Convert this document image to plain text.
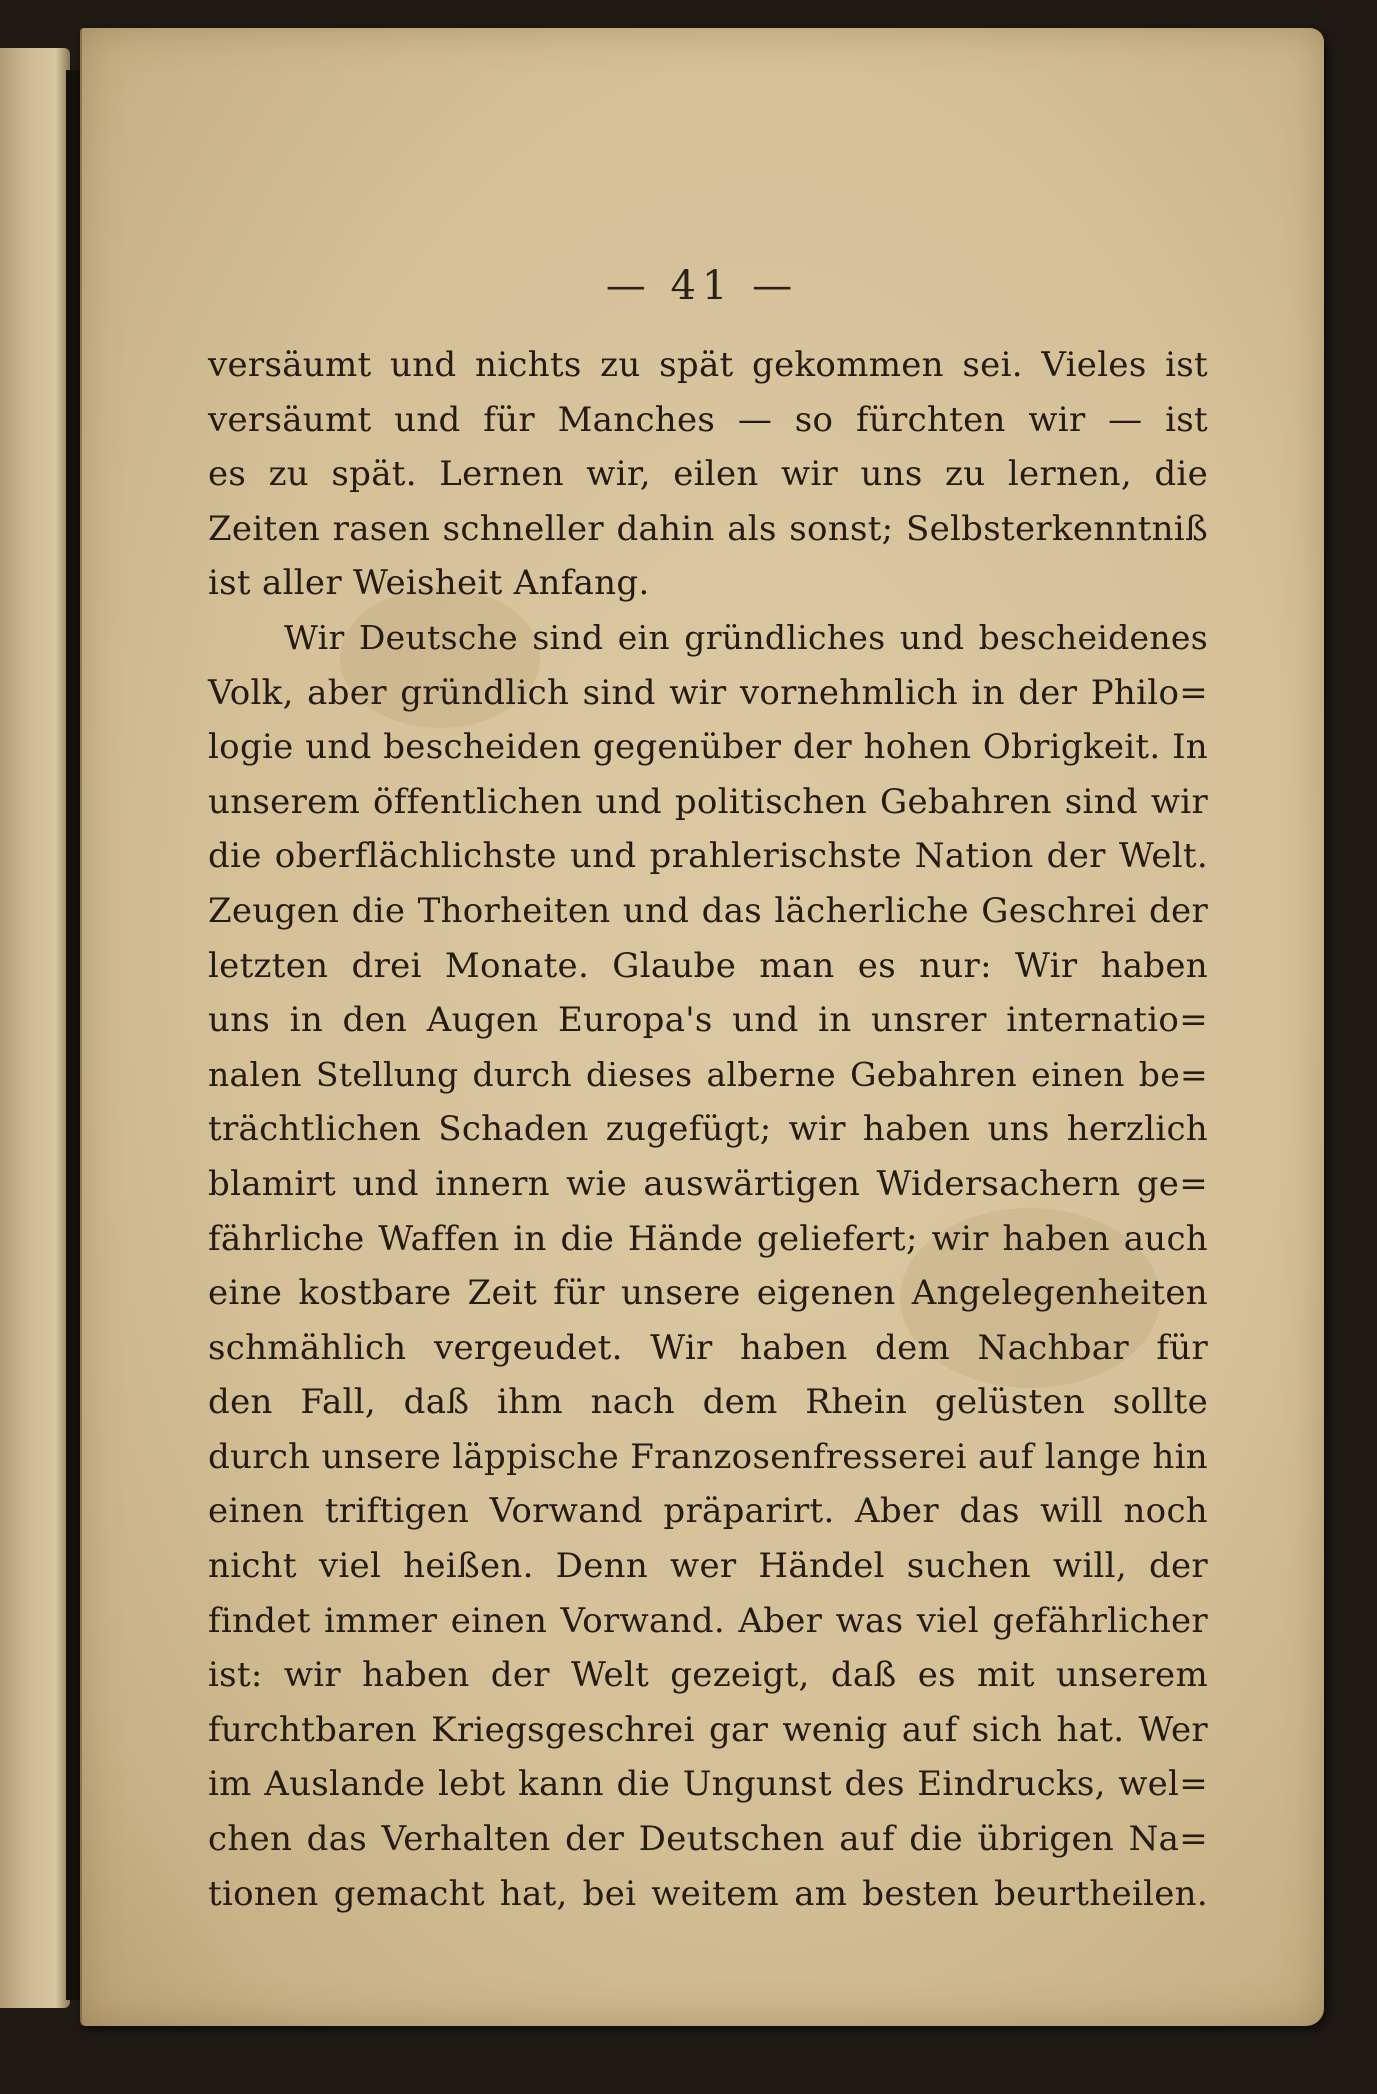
— 41 —
versäumt und nichts zu spät gekommen sei. Vieles ist
versäumt und für Manches — so fürchten wir — ist
es zu spät. Lernen wir, eilen wir uns zu lernen, die
Zeiten rasen schneller dahin als sonst; Selbsterkenntniß
ist aller Weisheit Anfang.
Wir Deutsche sind ein gründliches und bescheidenes
Volk, aber gründlich sind wir vornehmlich in der Philo=
logie und bescheiden gegenüber der hohen Obrigkeit. In
unserem öffentlichen und politischen Gebahren sind wir
die oberflächlichste und prahlerischste Nation der Welt.
Zeugen die Thorheiten und das lächerliche Geschrei der
letzten drei Monate. Glaube man es nur: Wir haben
uns in den Augen Europa's und in unsrer internatio=
nalen Stellung durch dieses alberne Gebahren einen be=
trächtlichen Schaden zugefügt; wir haben uns herzlich
blamirt und innern wie auswärtigen Widersachern ge=
fährliche Waffen in die Hände geliefert; wir haben auch
eine kostbare Zeit für unsere eigenen Angelegenheiten
schmählich vergeudet. Wir haben dem Nachbar für
den Fall, daß ihm nach dem Rhein gelüsten sollte
durch unsere läppische Franzosenfresserei auf lange hin
einen triftigen Vorwand präparirt. Aber das will noch
nicht viel heißen. Denn wer Händel suchen will, der
findet immer einen Vorwand. Aber was viel gefährlicher
ist: wir haben der Welt gezeigt, daß es mit unserem
furchtbaren Kriegsgeschrei gar wenig auf sich hat. Wer
im Auslande lebt kann die Ungunst des Eindrucks, wel=
chen das Verhalten der Deutschen auf die übrigen Na=
tionen gemacht hat, bei weitem am besten beurtheilen.
